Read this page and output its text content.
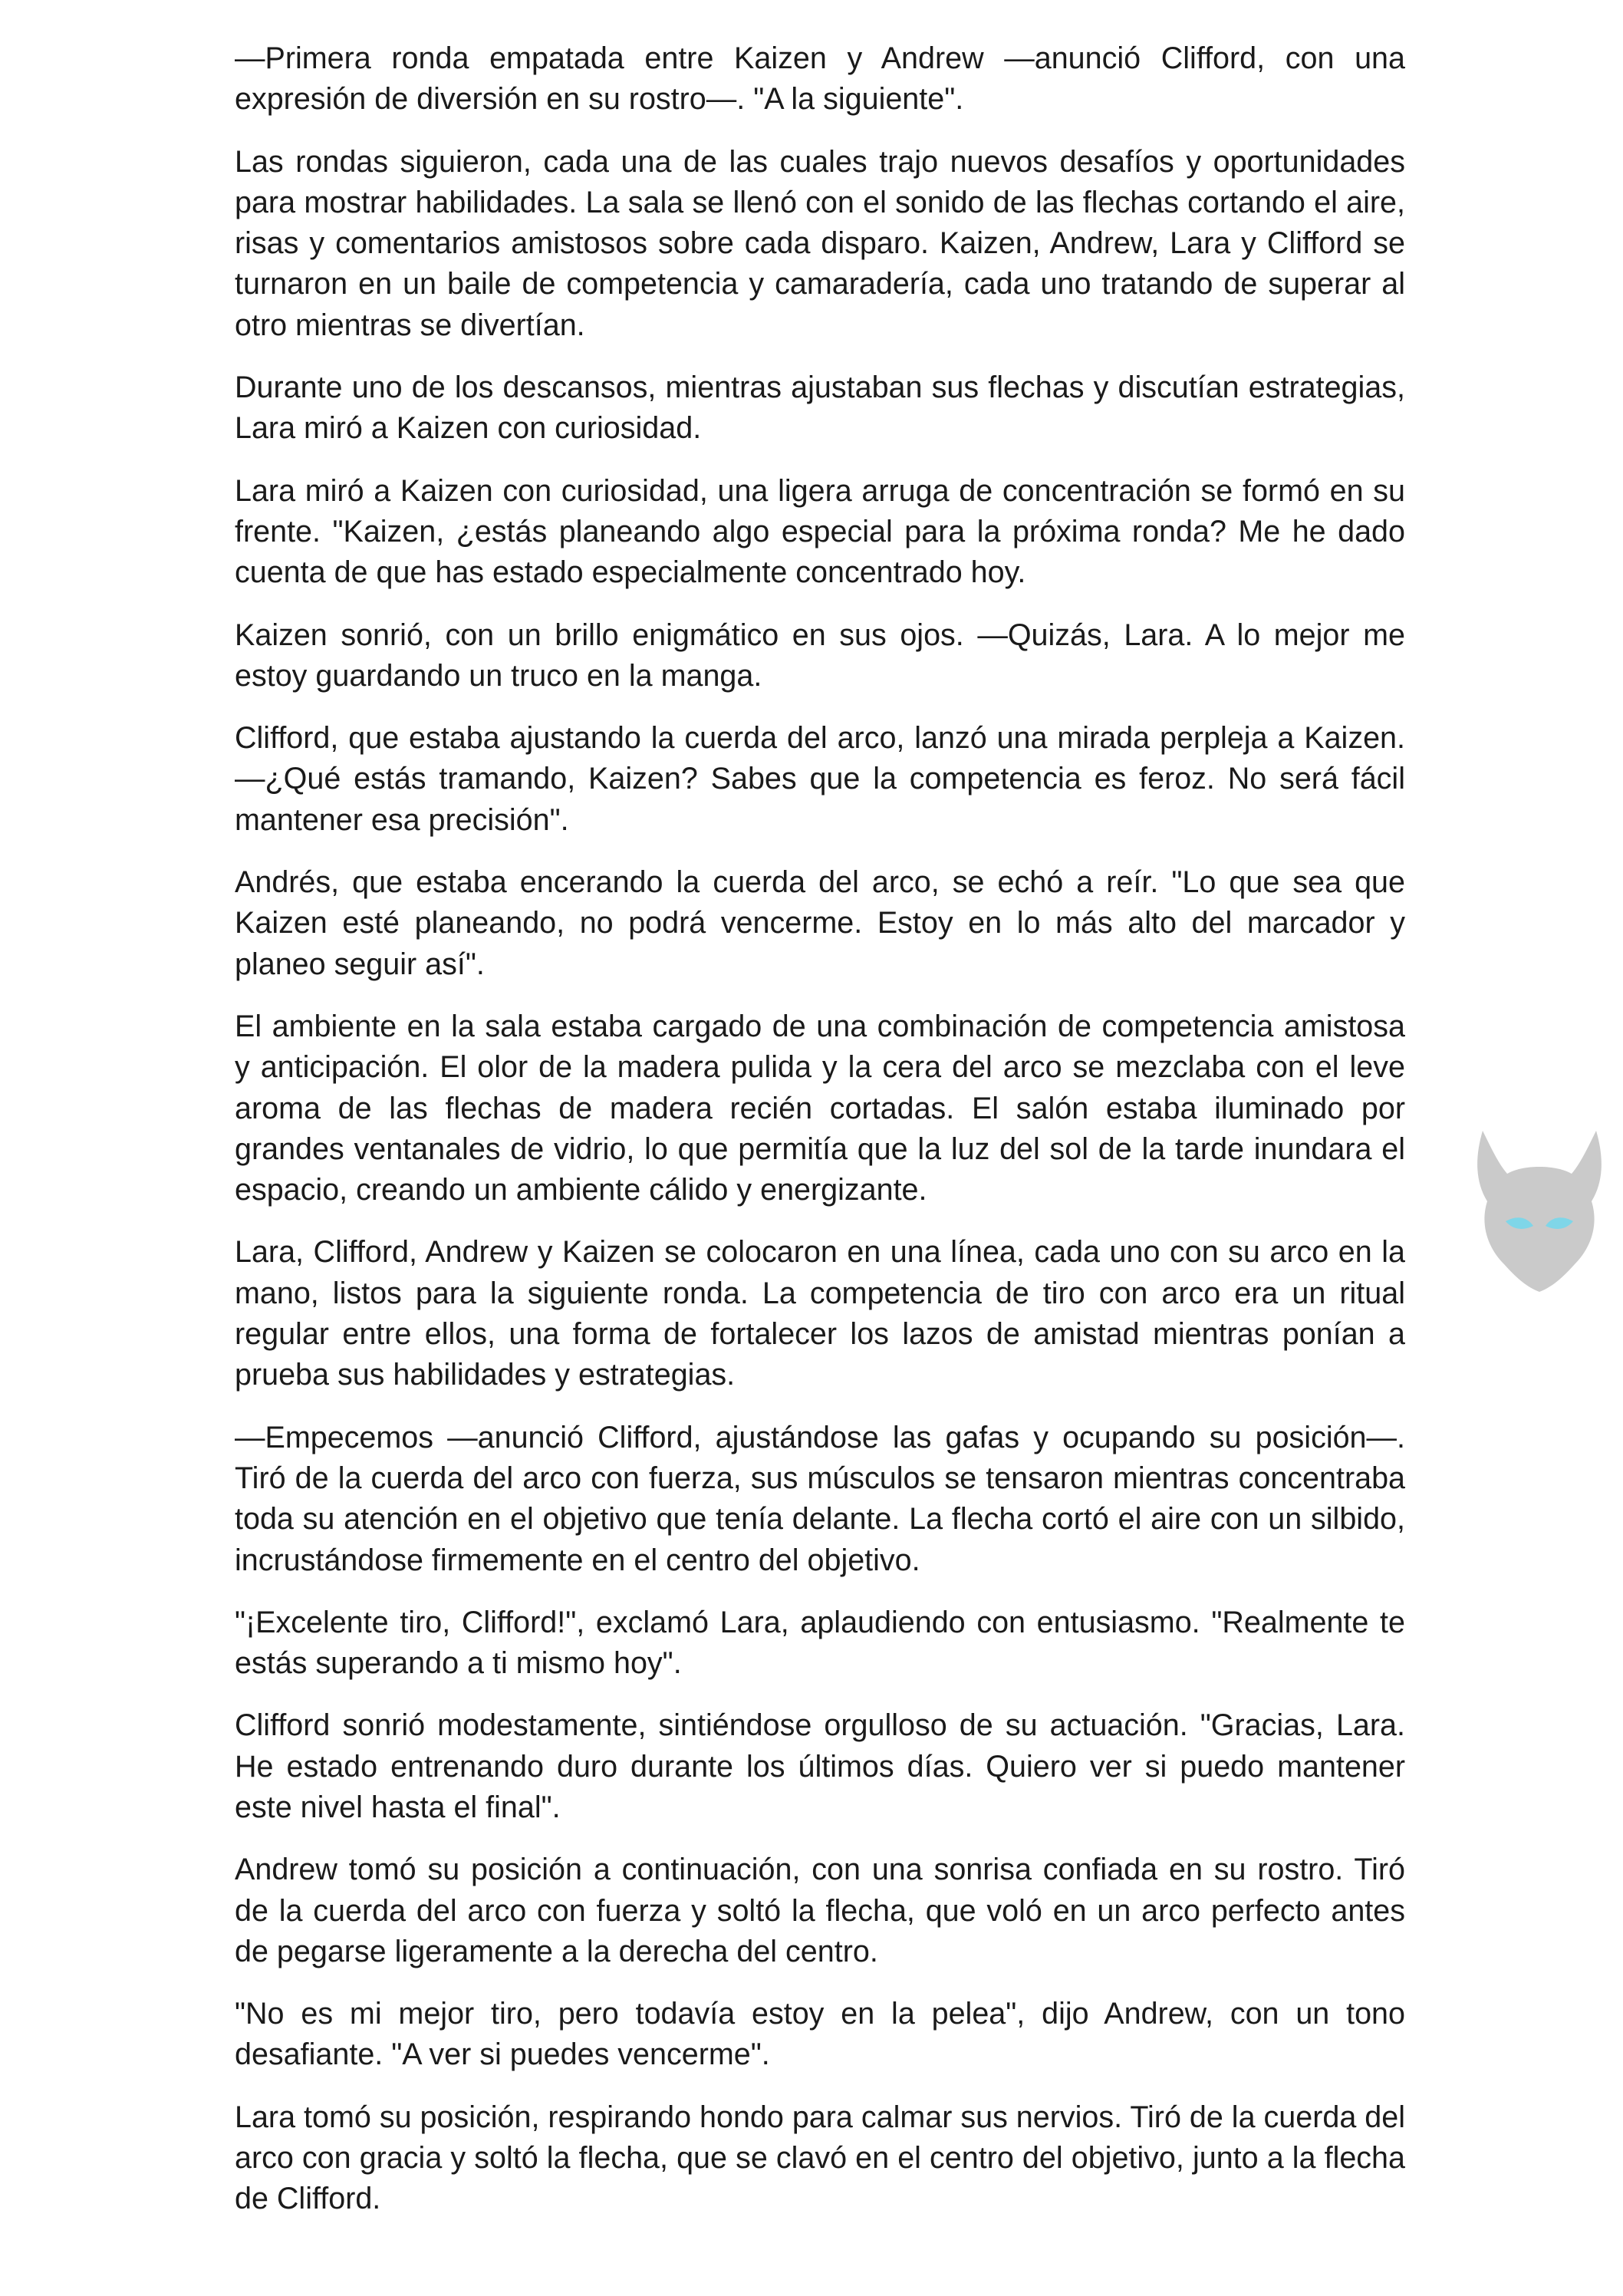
—Primera ronda empatada entre Kaizen y Andrew —anunció Clifford, con una expresión de diversión en su rostro—. "A la siguiente".

Las rondas siguieron, cada una de las cuales trajo nuevos desafíos y oportunidades para mostrar habilidades. La sala se llenó con el sonido de las flechas cortando el aire, risas y comentarios amistosos sobre cada disparo. Kaizen, Andrew, Lara y Clifford se turnaron en un baile de competencia y camaradería, cada uno tratando de superar al otro mientras se divertían.

Durante uno de los descansos, mientras ajustaban sus flechas y discutían estrategias, Lara miró a Kaizen con curiosidad.

Lara miró a Kaizen con curiosidad, una ligera arruga de concentración se formó en su frente. "Kaizen, ¿estás planeando algo especial para la próxima ronda? Me he dado cuenta de que has estado especialmente concentrado hoy.

Kaizen sonrió, con un brillo enigmático en sus ojos. —Quizás, Lara. A lo mejor me estoy guardando un truco en la manga.

Clifford, que estaba ajustando la cuerda del arco, lanzó una mirada perpleja a Kaizen. —¿Qué estás tramando, Kaizen? Sabes que la competencia es feroz. No será fácil mantener esa precisión".

Andrés, que estaba encerando la cuerda del arco, se echó a reír. "Lo que sea que Kaizen esté planeando, no podrá vencerme. Estoy en lo más alto del marcador y planeo seguir así".

El ambiente en la sala estaba cargado de una combinación de competencia amistosa y anticipación. El olor de la madera pulida y la cera del arco se mezclaba con el leve aroma de las flechas de madera recién cortadas. El salón estaba iluminado por grandes ventanales de vidrio, lo que permitía que la luz del sol de la tarde inundara el espacio, creando un ambiente cálido y energizante.

Lara, Clifford, Andrew y Kaizen se colocaron en una línea, cada uno con su arco en la mano, listos para la siguiente ronda. La competencia de tiro con arco era un ritual regular entre ellos, una forma de fortalecer los lazos de amistad mientras ponían a prueba sus habilidades y estrategias.

—Empecemos —anunció Clifford, ajustándose las gafas y ocupando su posición—. Tiró de la cuerda del arco con fuerza, sus músculos se tensaron mientras concentraba toda su atención en el objetivo que tenía delante. La flecha cortó el aire con un silbido, incrustándose firmemente en el centro del objetivo.

"¡Excelente tiro, Clifford!", exclamó Lara, aplaudiendo con entusiasmo. "Realmente te estás superando a ti mismo hoy".

Clifford sonrió modestamente, sintiéndose orgulloso de su actuación. "Gracias, Lara. He estado entrenando duro durante los últimos días. Quiero ver si puedo mantener este nivel hasta el final".

Andrew tomó su posición a continuación, con una sonrisa confiada en su rostro. Tiró de la cuerda del arco con fuerza y soltó la flecha, que voló en un arco perfecto antes de pegarse ligeramente a la derecha del centro.

"No es mi mejor tiro, pero todavía estoy en la pelea", dijo Andrew, con un tono desafiante. "A ver si puedes vencerme".

Lara tomó su posición, respirando hondo para calmar sus nervios. Tiró de la cuerda del arco con gracia y soltó la flecha, que se clavó en el centro del objetivo, junto a la flecha de Clifford.
